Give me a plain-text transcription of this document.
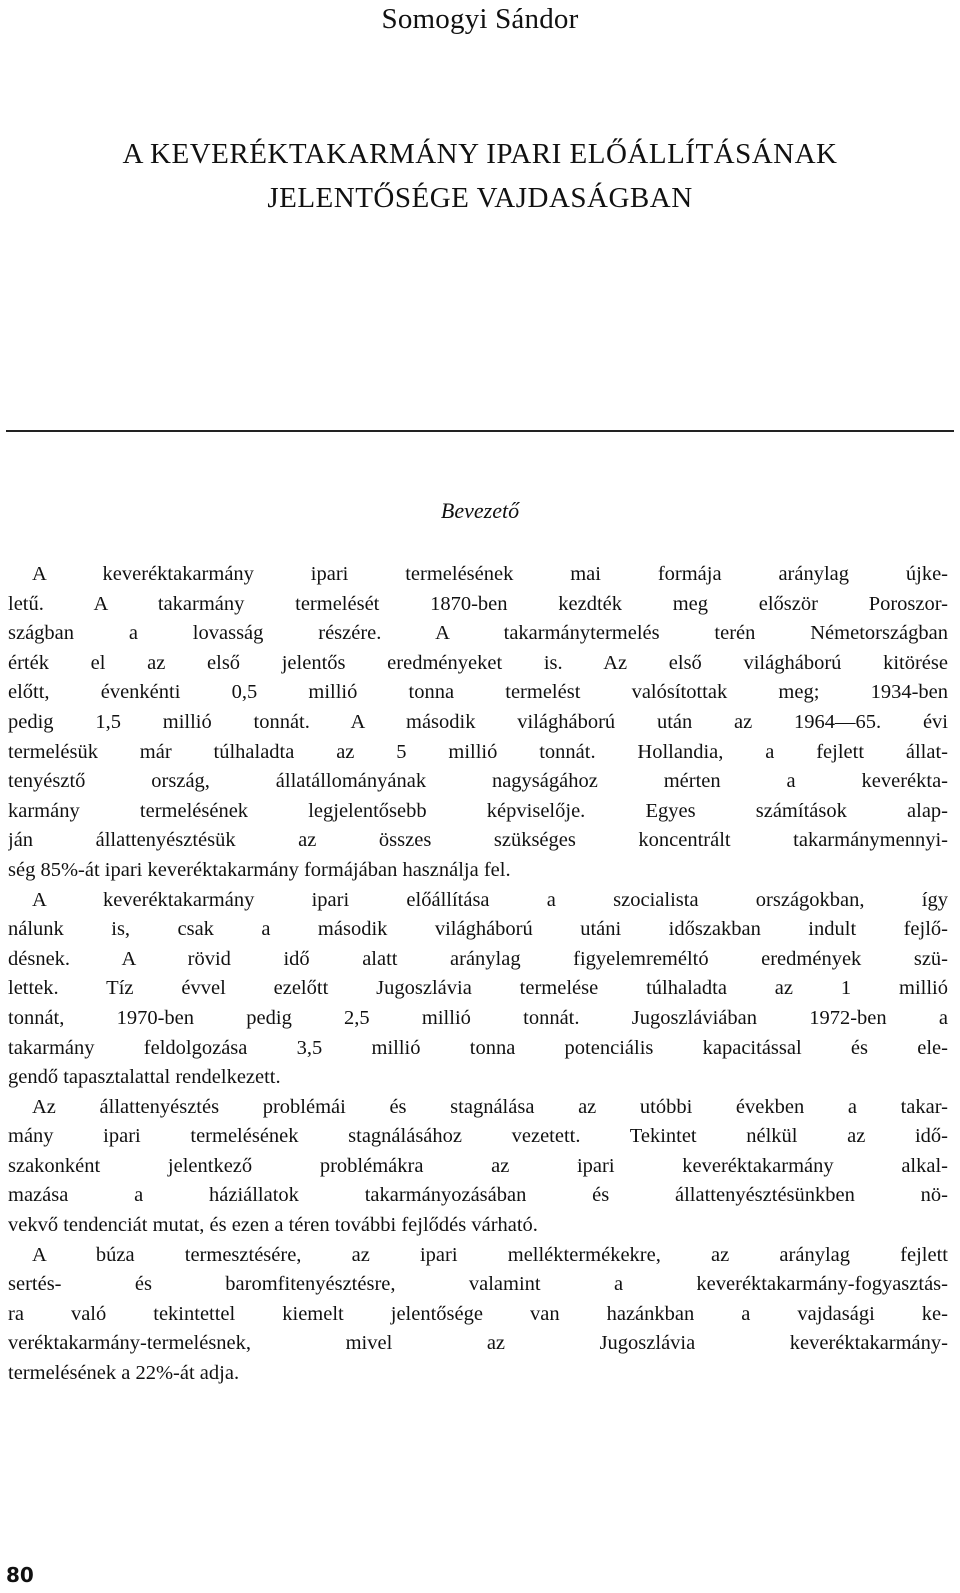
Somogyi Sándor
A KEVERÉKTAKARMÁNY IPARI ELŐÁLLÍTÁSÁNAK
JELENTŐSÉGE VAJDASÁGBAN
Bevezető
A keveréktakarmány ipari termelésének mai formája aránylag újke-
letű. A takarmány termelését 1870-ben kezdték meg először Poroszor-
szágban a lovasság részére. A takarmánytermelés terén Németországban
érték el az első jelentős eredményeket is. Az első világháború kitörése
előtt, évenkénti 0,5 millió tonna termelést valósítottak meg; 1934-ben
pedig 1,5 millió tonnát. A második világháború után az 1964—65. évi
termelésük már túlhaladta az 5 millió tonnát. Hollandia, a fejlett állat-
tenyésztő ország, állatállományának nagyságához mérten a keverékta-
karmány termelésének legjelentősebb képviselője. Egyes számítások alap-
ján állattenyésztésük az összes szükséges koncentrált takarmánymennyi-
ség 85%-át ipari keveréktakarmány formájában használja fel.
A keveréktakarmány ipari előállítása a szocialista országokban, így
nálunk is, csak a második világháború utáni időszakban indult fejlő-
désnek. A rövid idő alatt aránylag figyelemreméltó eredmények szü-
lettek. Tíz évvel ezelőtt Jugoszlávia termelése túlhaladta az 1 millió
tonnát, 1970-ben pedig 2,5 millió tonnát. Jugoszláviában 1972-ben a
takarmány feldolgozása 3,5 millió tonna potenciális kapacitással és ele-
gendő tapasztalattal rendelkezett.
Az állattenyésztés problémái és stagnálása az utóbbi években a takar-
mány ipari termelésének stagnálásához vezetett. Tekintet nélkül az idő-
szakonként jelentkező problémákra az ipari keveréktakarmány alkal-
mazása a háziállatok takarmányozásában és állattenyésztésünkben nö-
vekvő tendenciát mutat, és ezen a téren további fejlődés várható.
A búza termesztésére, az ipari melléktermékekre, az aránylag fejlett
sertés- és baromfitenyésztésre, valamint a keveréktakarmány-fogyasztás-
ra való tekintettel kiemelt jelentősége van hazánkban a vajdasági ke-
veréktakarmány-termelésnek, mivel az Jugoszlávia keveréktakarmány-
termelésének a 22%-át adja.
80
